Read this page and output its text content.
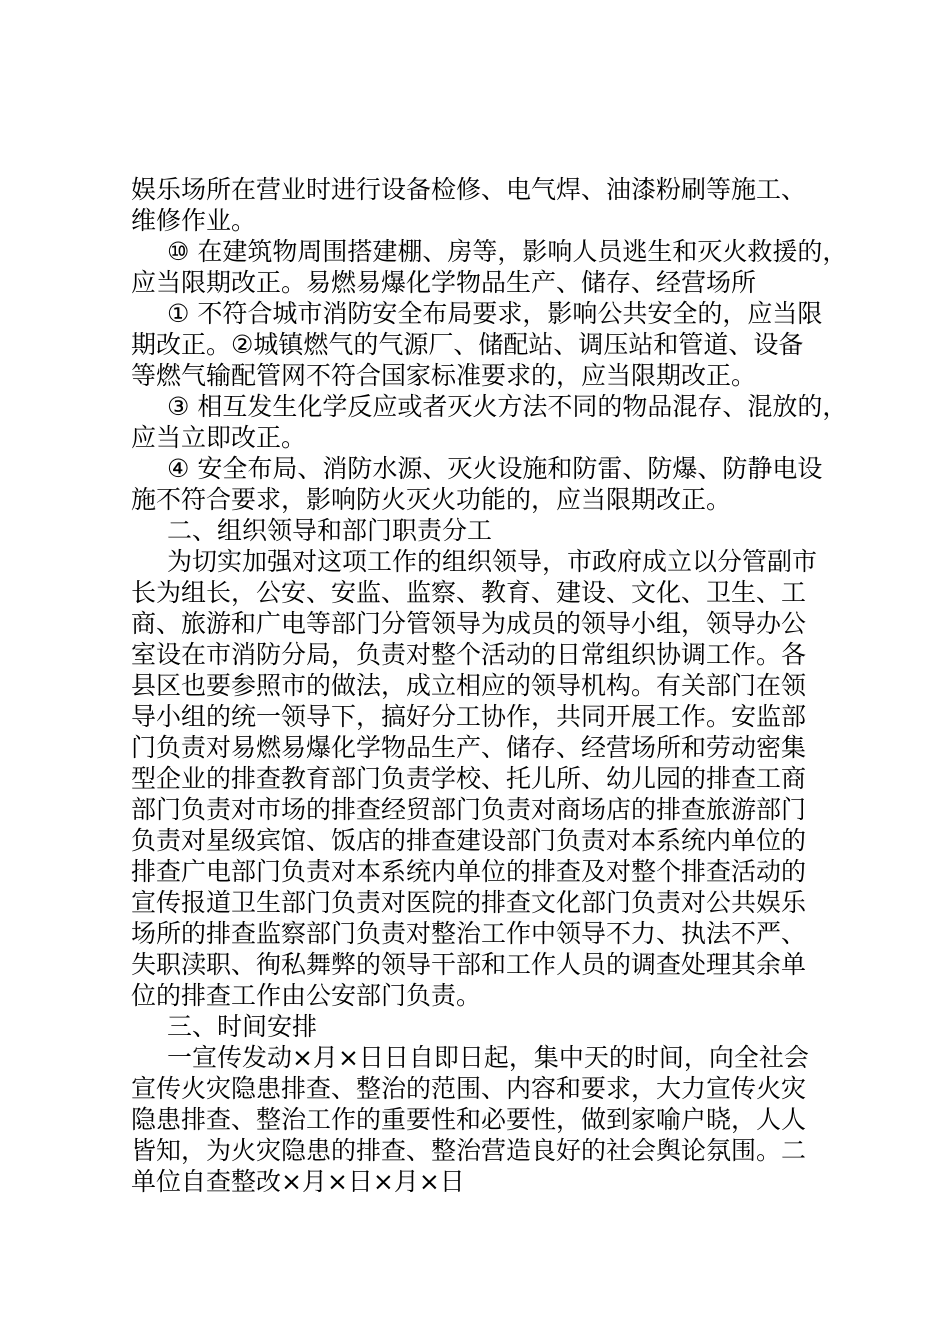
娱乐场所在营业时进行设备检修、电气焊、油漆粉刷等施工、
维修作业。
⑩ 在建筑物周围搭建棚、房等，影响人员逃生和灭火救援的，
应当限期改正。易燃易爆化学物品生产、储存、经营场所
① 不符合城市消防安全布局要求，影响公共安全的，应当限
期改正。②城镇燃气的气源厂、储配站、调压站和管道、设备
等燃气输配管网不符合国家标准要求的，应当限期改正。
③ 相互发生化学反应或者灭火方法不同的物品混存、混放的，
应当立即改正。
④ 安全布局、消防水源、灭火设施和防雷、防爆、防静电设
施不符合要求，影响防火灭火功能的，应当限期改正。
二、组织领导和部门职责分工
为切实加强对这项工作的组织领导，市政府成立以分管副市
长为组长，公安、安监、监察、教育、建设、文化、卫生、工
商、旅游和广电等部门分管领导为成员的领导小组，领导办公
室设在市消防分局，负责对整个活动的日常组织协调工作。各
县区也要参照市的做法，成立相应的领导机构。有关部门在领
导小组的统一领导下，搞好分工协作，共同开展工作。安监部
门负责对易燃易爆化学物品生产、储存、经营场所和劳动密集
型企业的排查教育部门负责学校、托儿所、幼儿园的排查工商
部门负责对市场的排查经贸部门负责对商场店的排查旅游部门
负责对星级宾馆、饭店的排查建设部门负责对本系统内单位的
排查广电部门负责对本系统内单位的排查及对整个排查活动的
宣传报道卫生部门负责对医院的排查文化部门负责对公共娱乐
场所的排查监察部门负责对整治工作中领导不力、执法不严、
失职渎职、徇私舞弊的领导干部和工作人员的调查处理其余单
位的排查工作由公安部门负责。
三、时间安排
一宣传发动×月×日日自即日起，集中天的时间，向全社会
宣传火灾隐患排查、整治的范围、内容和要求，大力宣传火灾
隐患排查、整治工作的重要性和必要性，做到家喻户晓，人人
皆知，为火灾隐患的排查、整治营造良好的社会舆论氛围。二
单位自查整改×月×日×月×日
